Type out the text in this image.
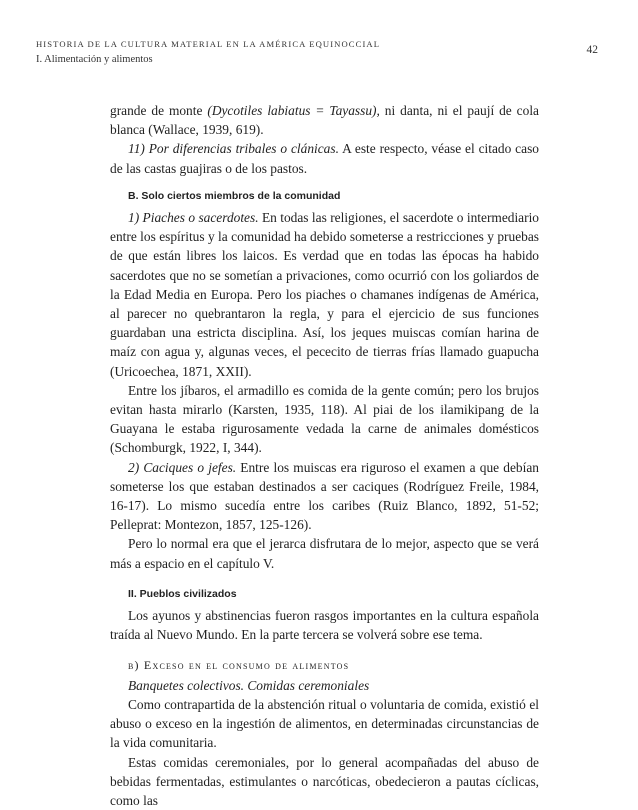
HISTORIA DE LA CULTURA MATERIAL EN LA AMÉRICA EQUINOCCIAL
I. Alimentación y alimentos
42

grande de monte (Dycotiles labiatus = Tayassu), ni danta, ni el paují de cola blanca (Wallace, 1939, 619).

11) Por diferencias tribales o clánicas. A este respecto, véase el citado caso de las castas guajiras o de los pastos.

B. Solo ciertos miembros de la comunidad

1) Piaches o sacerdotes. En todas las religiones, el sacerdote o intermediario entre los espíritus y la comunidad ha debido someterse a restricciones y pruebas de que están libres los laicos. Es verdad que en todas las épocas ha habido sacerdotes que no se sometían a privaciones, como ocurrió con los goliardos de la Edad Media en Europa. Pero los piaches o chamanes indígenas de América, al parecer no quebrantaron la regla, y para el ejercicio de sus funciones guardaban una estricta disciplina. Así, los jeques muiscas comían harina de maíz con agua y, algunas veces, el pececito de tierras frías llamado guapucha (Uricoechea, 1871, XXII).

Entre los jíbaros, el armadillo es comida de la gente común; pero los brujos evitan hasta mirarlo (Karsten, 1935, 118). Al piai de los ilamikipang de la Guayana le estaba rigurosamente vedada la carne de animales domésticos (Schomburgk, 1922, I, 344).

2) Caciques o jefes. Entre los muiscas era riguroso el examen a que debían someterse los que estaban destinados a ser caciques (Rodríguez Freile, 1984, 16-17). Lo mismo sucedía entre los caribes (Ruiz Blanco, 1892, 51-52; Pelleprat: Montezon, 1857, 125-126).

Pero lo normal era que el jerarca disfrutara de lo mejor, aspecto que se verá más a espacio en el capítulo V.

II. Pueblos civilizados

Los ayunos y abstinencias fueron rasgos importantes en la cultura española traída al Nuevo Mundo. En la parte tercera se volverá sobre ese tema.

b) Exceso en el consumo de alimentos
Banquetes colectivos. Comidas ceremoniales

Como contrapartida de la abstención ritual o voluntaria de comida, existió el abuso o exceso en la ingestión de alimentos, en determinadas circunstancias de la vida comunitaria.

Estas comidas ceremoniales, por lo general acompañadas del abuso de bebidas fermentadas, estimulantes o narcóticas, obedecieron a pautas cíclicas, como las
